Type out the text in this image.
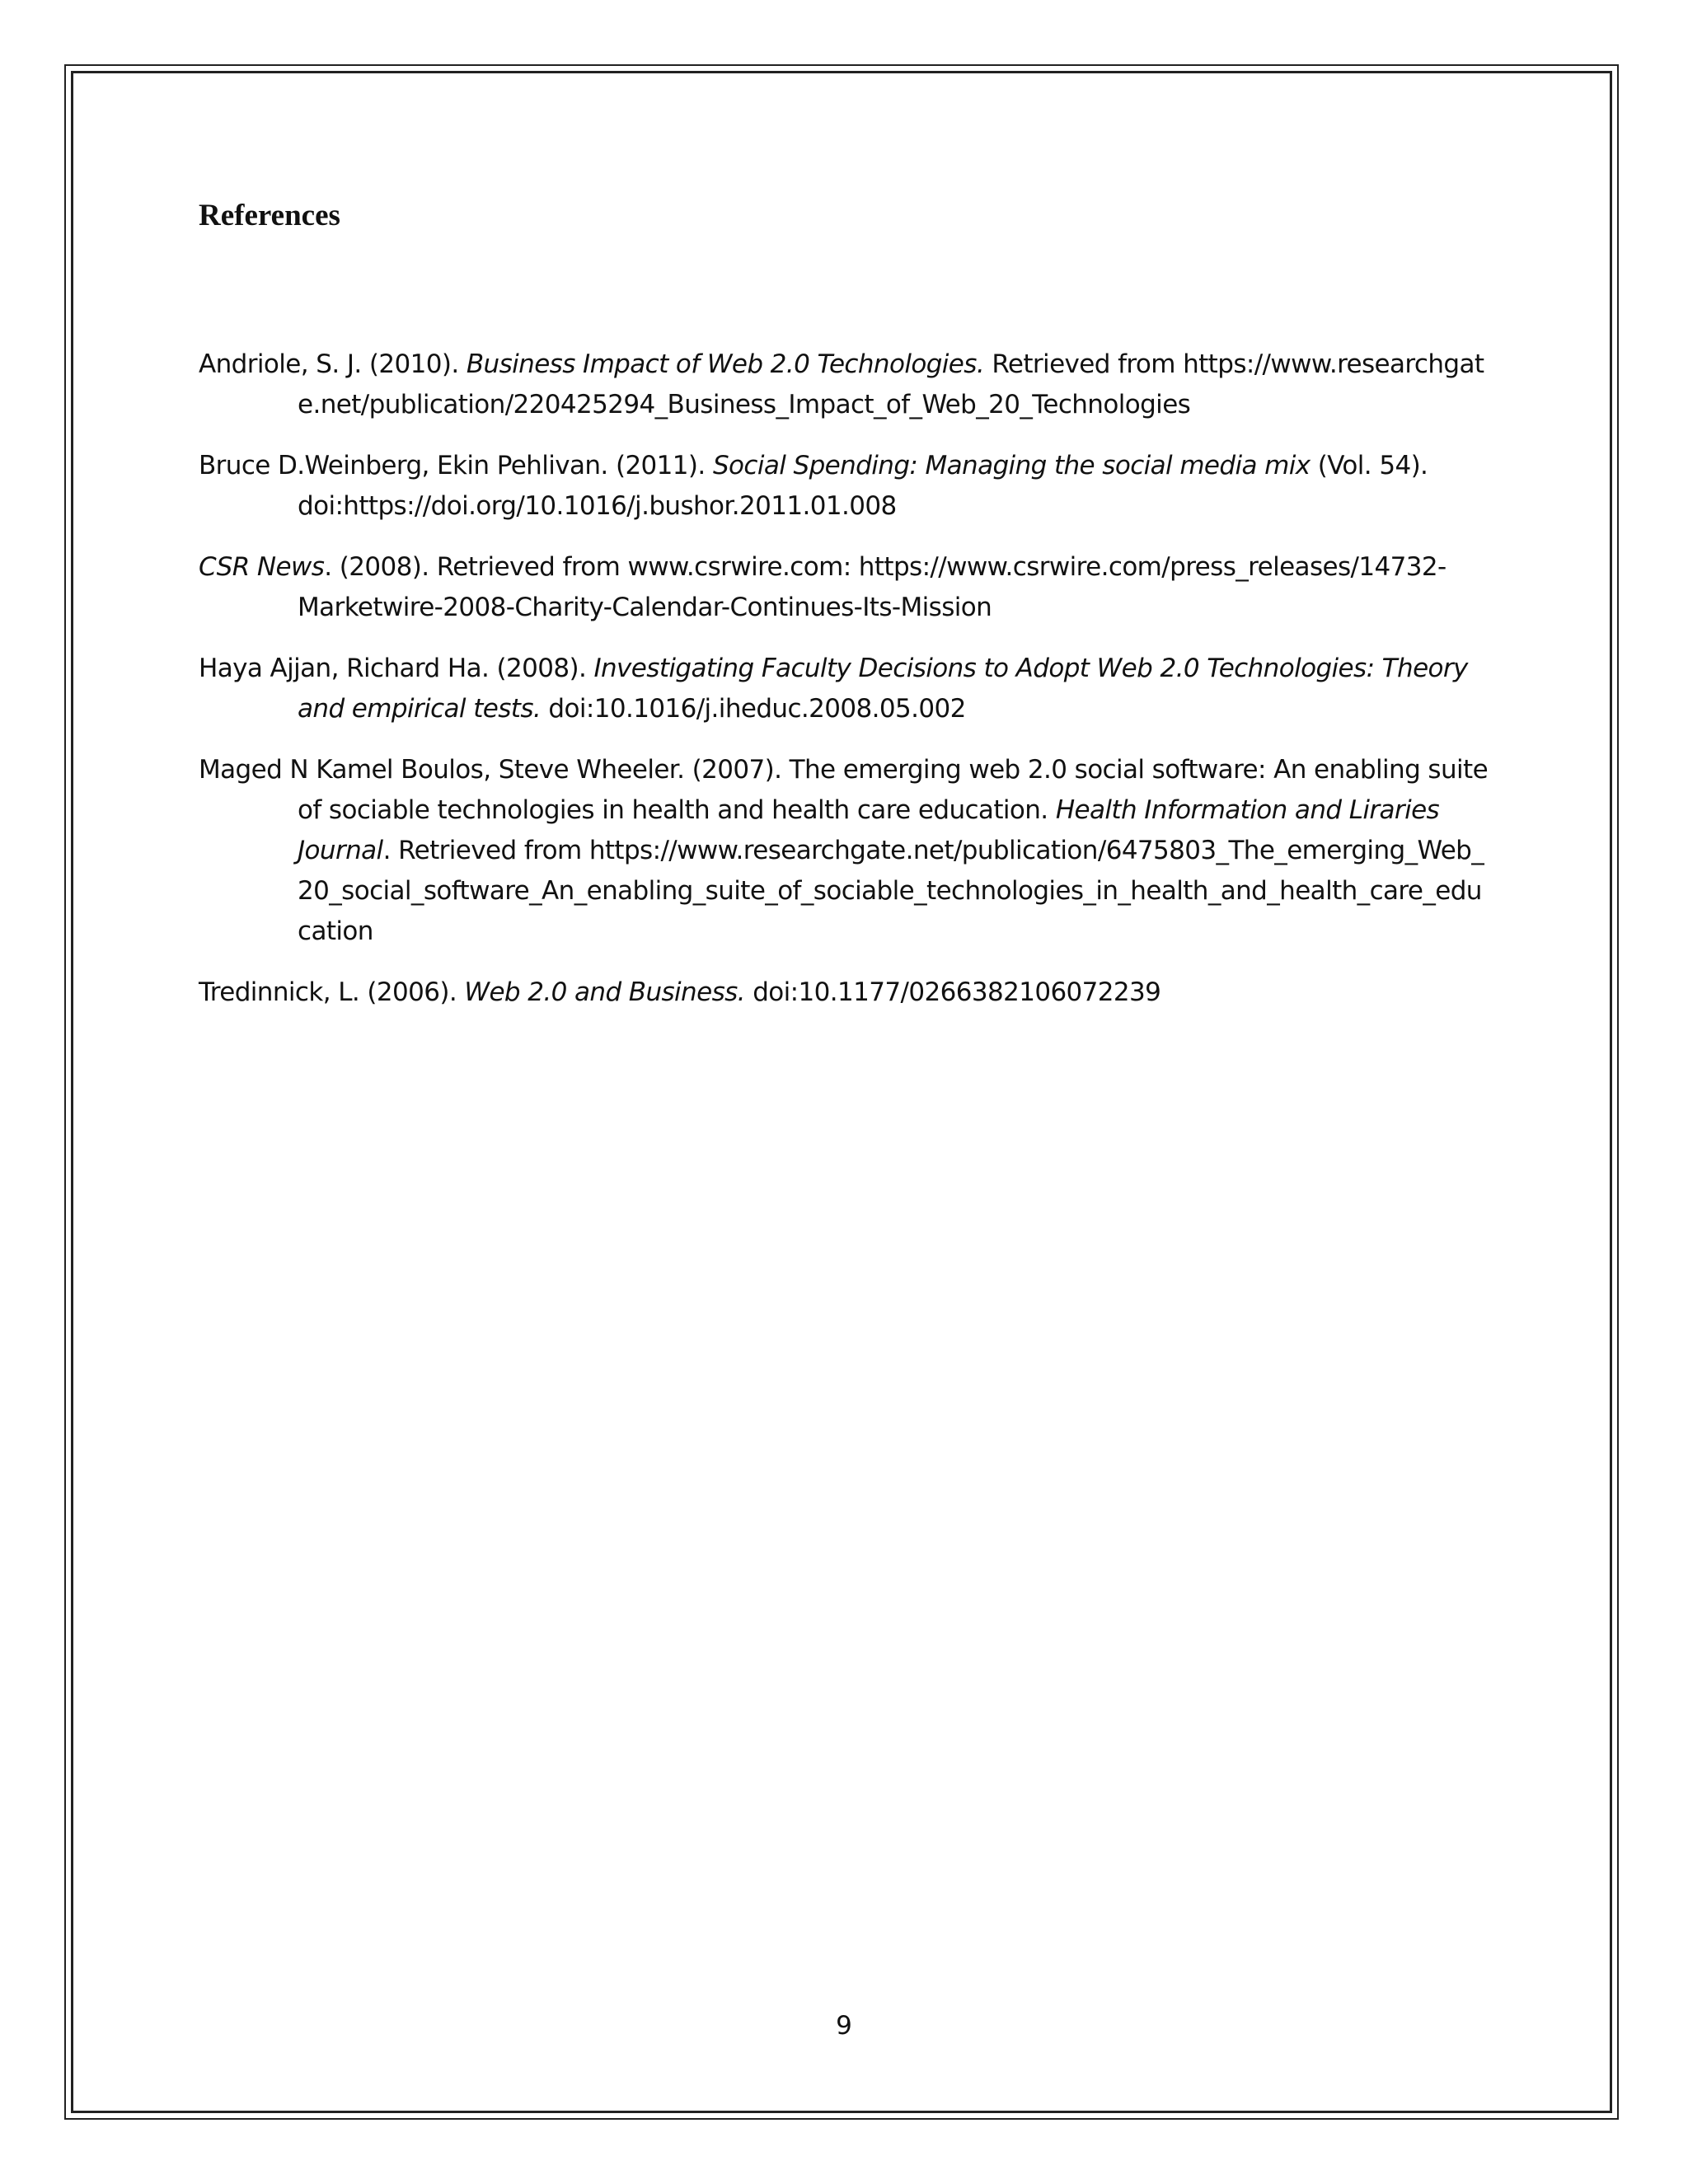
References

Andriole, S. J. (2010). Business Impact of Web 2.0 Technologies. Retrieved from https://www.researchgate.net/publication/220425294_Business_Impact_of_Web_20_Technologies

Bruce D.Weinberg, Ekin Pehlivan. (2011). Social Spending: Managing the social media mix (Vol. 54). doi:https://doi.org/10.1016/j.bushor.2011.01.008

CSR News. (2008). Retrieved from www.csrwire.com: https://www.csrwire.com/press_releases/14732-Marketwire-2008-Charity-Calendar-Continues-Its-Mission

Haya Ajjan, Richard Ha. (2008). Investigating Faculty Decisions to Adopt Web 2.0 Technologies: Theory and empirical tests. doi:10.1016/j.iheduc.2008.05.002

Maged N Kamel Boulos, Steve Wheeler. (2007). The emerging web 2.0 social software: An enabling suite of sociable technologies in health and health care education. Health Information and Liraries Journal. Retrieved from https://www.researchgate.net/publication/6475803_The_emerging_Web_20_social_software_An_enabling_suite_of_sociable_technologies_in_health_and_health_care_education

Tredinnick, L. (2006). Web 2.0 and Business. doi:10.1177/0266382106072239

9
